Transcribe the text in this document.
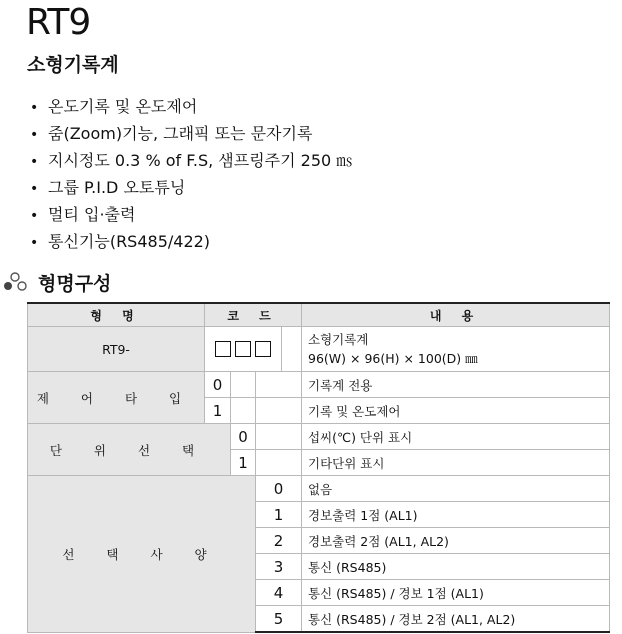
RT9
소형기록계
• 온도기록 및 온도제어
• 줌(Zoom)기능, 그래픽 또는 문자기록
• 지시정도 0.3 % of F.S, 샘프링주기 250 ㎳
• 그룹 P.I.D 오토튜닝
• 멀티 입·출력
• 통신기능(RS485/422)
형명구성
형 명	코 드				내 용
RT9-					소형기록계
96(W) × 96(H) × 100(D) ㎜

제 어 타 입	0				기록계 전용
	1				기록 및 온도제어
단 위 선 택		0			섭씨(℃) 단위 표시
		1			기타단위 표시
선 택 사 양			0		없음
			1		경보출력 1점 (AL1)
			2		경보출력 2점 (AL1, AL2)
			3		통신 (RS485)
			4		통신 (RS485) / 경보 1점 (AL1)
			5		통신 (RS485) / 경보 2점 (AL1, AL2)
